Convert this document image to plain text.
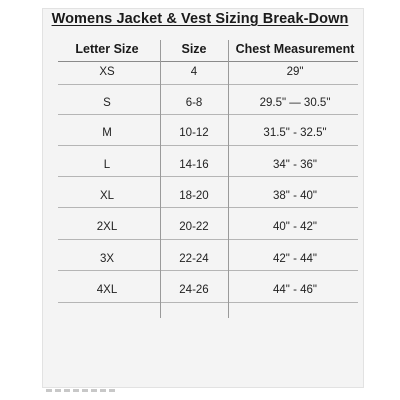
Womens Jacket & Vest Sizing Break-Down
Letter Size	Size	Chest Measurement
XS	4	29"
S	6-8	29.5" — 30.5"
M	10-12	31.5" - 32.5"
L	14-16	34" - 36"
XL	18-20	38" - 40"
2XL	20-22	40" - 42"
3X	22-24	42" - 44"
4XL	24-26	44" - 46"
